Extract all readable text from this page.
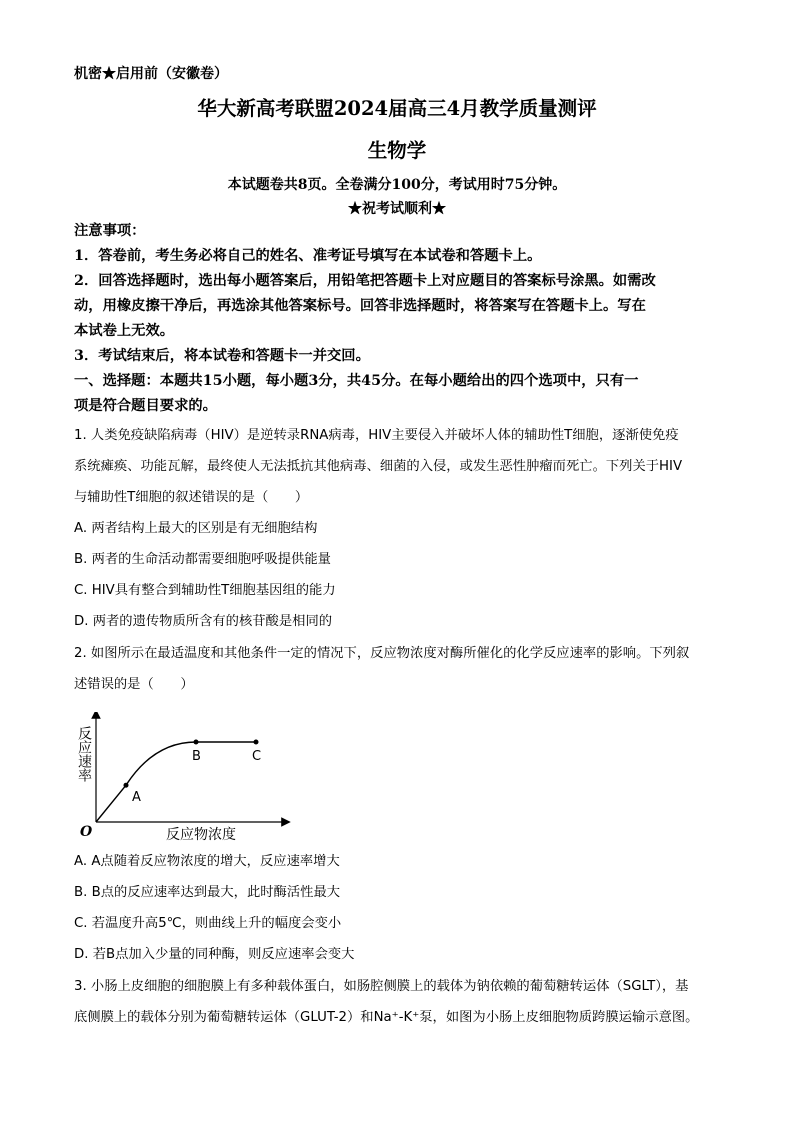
机密★启用前（安徽卷）
华大新高考联盟2024届高三4月教学质量测评
生物学
本试题卷共8页。全卷满分100分，考试用时75分钟。
★祝考试顺利★
注意事项：
1．答卷前，考生务必将自己的姓名、准考证号填写在本试卷和答题卡上。
2．回答选择题时，选出每小题答案后，用铅笔把答题卡上对应题目的答案标号涂黑。如需改
动，用橡皮擦干净后，再选涂其他答案标号。回答非选择题时，将答案写在答题卡上。写在
本试卷上无效。
3．考试结束后，将本试卷和答题卡一并交回。
一、选择题：本题共15小题，每小题3分，共45分。在每小题给出的四个选项中，只有一
项是符合题目要求的。
1. 人类免疫缺陷病毒（HIV）是逆转录RNA病毒，HIV主要侵入并破坏人体的辅助性T细胞，逐渐使免疫
系统瘫痪、功能瓦解，最终使人无法抵抗其他病毒、细菌的入侵，或发生恶性肿瘤而死亡。下列关于HIV
与辅助性T细胞的叙述错误的是（　　）
A. 两者结构上最大的区别是有无细胞结构
B. 两者的生命活动都需要细胞呼吸提供能量
C. HIV具有整合到辅助性T细胞基因组的能力
D. 两者的遗传物质所含有的核苷酸是相同的
2. 如图所示在最适温度和其他条件一定的情况下，反应物浓度对酶所催化的化学反应速率的影响。下列叙
述错误的是（　　）
A
B	C
O	反应物浓度
反应速率
A. A点随着反应物浓度的增大，反应速率增大
B. B点的反应速率达到最大，此时酶活性最大
C. 若温度升高5℃，则曲线上升的幅度会变小
D. 若B点加入少量的同种酶，则反应速率会变大
3. 小肠上皮细胞的细胞膜上有多种载体蛋白，如肠腔侧膜上的载体为钠依赖的葡萄糖转运体（SGLT），基
底侧膜上的载体分别为葡萄糖转运体（GLUT-2）和Na⁺-K⁺泵，如图为小肠上皮细胞物质跨膜运输示意图。
